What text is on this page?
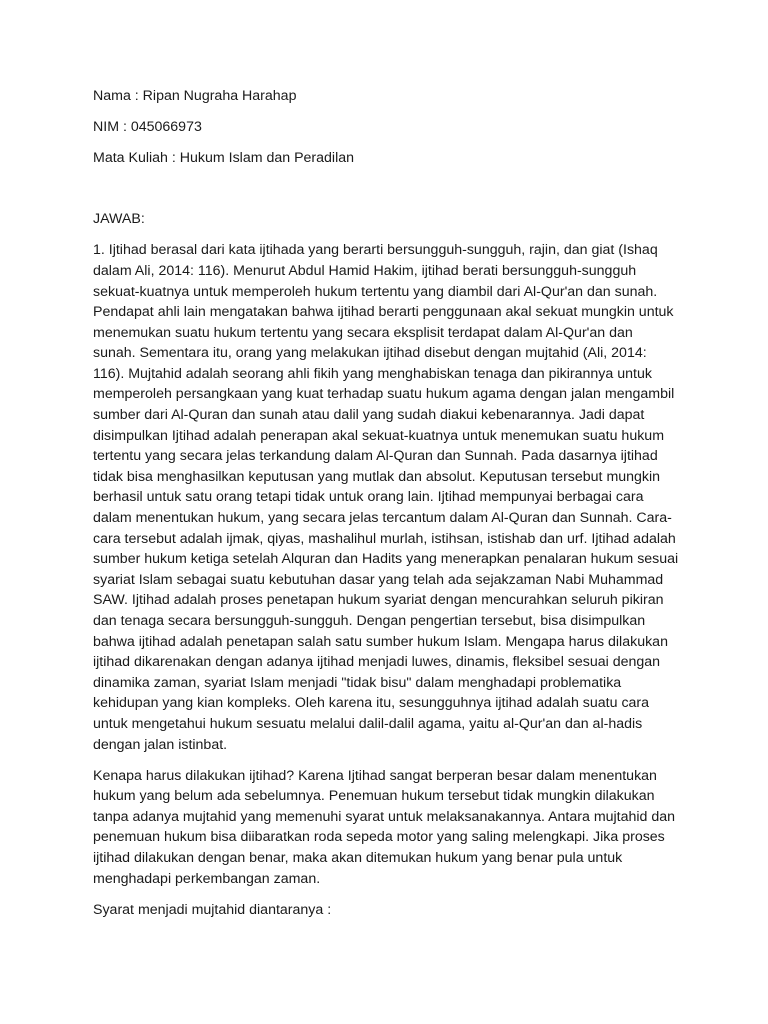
Nama : Ripan Nugraha Harahap
NIM : 045066973
Mata Kuliah : Hukum Islam dan Peradilan
JAWAB:
1. Ijtihad berasal dari kata ijtihada yang berarti bersungguh-sungguh, rajin, dan giat (Ishaq
dalam Ali, 2014: 116). Menurut Abdul Hamid Hakim, ijtihad berati bersungguh-sungguh
sekuat-kuatnya untuk memperoleh hukum tertentu yang diambil dari Al-Qur'an dan sunah.
Pendapat ahli lain mengatakan bahwa ijtihad berarti penggunaan akal sekuat mungkin untuk
menemukan suatu hukum tertentu yang secara eksplisit terdapat dalam Al-Qur'an dan
sunah. Sementara itu, orang yang melakukan ijtihad disebut dengan mujtahid (Ali, 2014:
116). Mujtahid adalah seorang ahli fikih yang menghabiskan tenaga dan pikirannya untuk
memperoleh persangkaan yang kuat terhadap suatu hukum agama dengan jalan mengambil
sumber dari Al-Quran dan sunah atau dalil yang sudah diakui kebenarannya. Jadi dapat
disimpulkan Ijtihad adalah penerapan akal sekuat-kuatnya untuk menemukan suatu hukum
tertentu yang secara jelas terkandung dalam Al-Quran dan Sunnah. Pada dasarnya ijtihad
tidak bisa menghasilkan keputusan yang mutlak dan absolut. Keputusan tersebut mungkin
berhasil untuk satu orang tetapi tidak untuk orang lain. Ijtihad mempunyai berbagai cara
dalam menentukan hukum, yang secara jelas tercantum dalam Al-Quran dan Sunnah. Cara-
cara tersebut adalah ijmak, qiyas, mashalihul murlah, istihsan, istishab dan urf. Ijtihad adalah
sumber hukum ketiga setelah Alquran dan Hadits yang menerapkan penalaran hukum sesuai
syariat Islam sebagai suatu kebutuhan dasar yang telah ada sejakzaman Nabi Muhammad
SAW. Ijtihad adalah proses penetapan hukum syariat dengan mencurahkan seluruh pikiran
dan tenaga secara bersungguh-sungguh. Dengan pengertian tersebut, bisa disimpulkan
bahwa ijtihad adalah penetapan salah satu sumber hukum Islam. Mengapa harus dilakukan
ijtihad dikarenakan dengan adanya ijtihad menjadi luwes, dinamis, fleksibel sesuai dengan
dinamika zaman, syariat Islam menjadi "tidak bisu" dalam menghadapi problematika
kehidupan yang kian kompleks. Oleh karena itu, sesungguhnya ijtihad adalah suatu cara
untuk mengetahui hukum sesuatu melalui dalil-dalil agama, yaitu al-Qur'an dan al-hadis
dengan jalan istinbat.
Kenapa harus dilakukan ijtihad? Karena Ijtihad sangat berperan besar dalam menentukan
hukum yang belum ada sebelumnya. Penemuan hukum tersebut tidak mungkin dilakukan
tanpa adanya mujtahid yang memenuhi syarat untuk melaksanakannya. Antara mujtahid dan
penemuan hukum bisa diibaratkan roda sepeda motor yang saling melengkapi. Jika proses
ijtihad dilakukan dengan benar, maka akan ditemukan hukum yang benar pula untuk
menghadapi perkembangan zaman.
Syarat menjadi mujtahid diantaranya :
